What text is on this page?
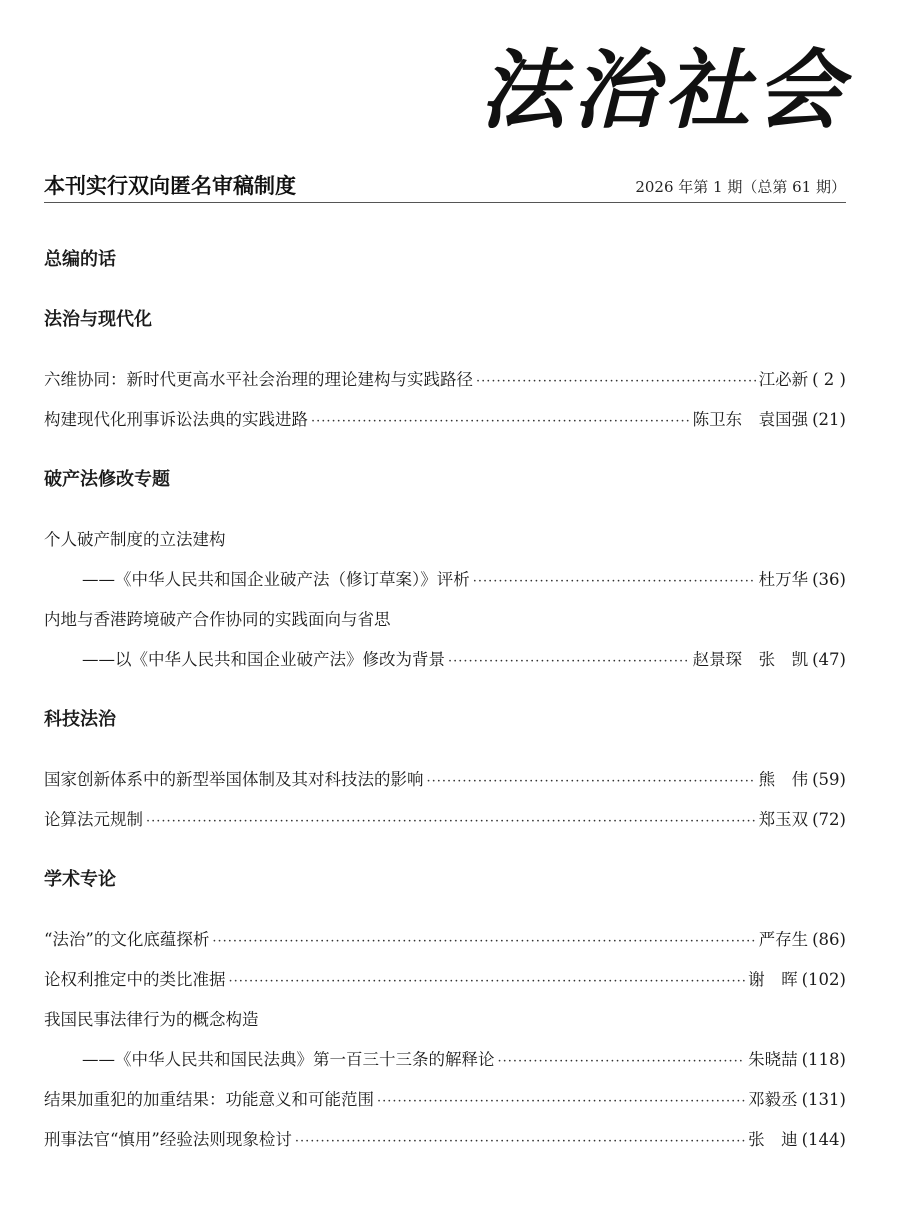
法治社会
本刊实行双向匿名审稿制度	2026 年第 1 期（总第 61 期）
总编的话
法治与现代化
六维协同：新时代更高水平社会治理的理论建构与实践路径 ·····	江必新 ( 2 )
构建现代化刑事诉讼法典的实践进路 ·····	陈卫东　袁国强 (21)
破产法修改专题
个人破产制度的立法建构
——《中华人民共和国企业破产法（修订草案）》评析 ·····	杜万华 (36)
内地与香港跨境破产合作协同的实践面向与省思
——以《中华人民共和国企业破产法》修改为背景 ·····	赵景琛　张　凯 (47)
科技法治
国家创新体系中的新型举国体制及其对科技法的影响 ·····	熊　伟 (59)
论算法元规制 ·····	郑玉双 (72)
学术专论
“法治”的文化底蕴探析 ·····	严存生 (86)
论权利推定中的类比准据 ·····	谢　晖 (102)
我国民事法律行为的概念构造
——《中华人民共和国民法典》第一百三十三条的解释论 ·····	朱晓喆 (118)
结果加重犯的加重结果：功能意义和可能范围 ·····	邓毅丞 (131)
刑事法官“慎用”经验法则现象检讨 ·····	张　迪 (144)
